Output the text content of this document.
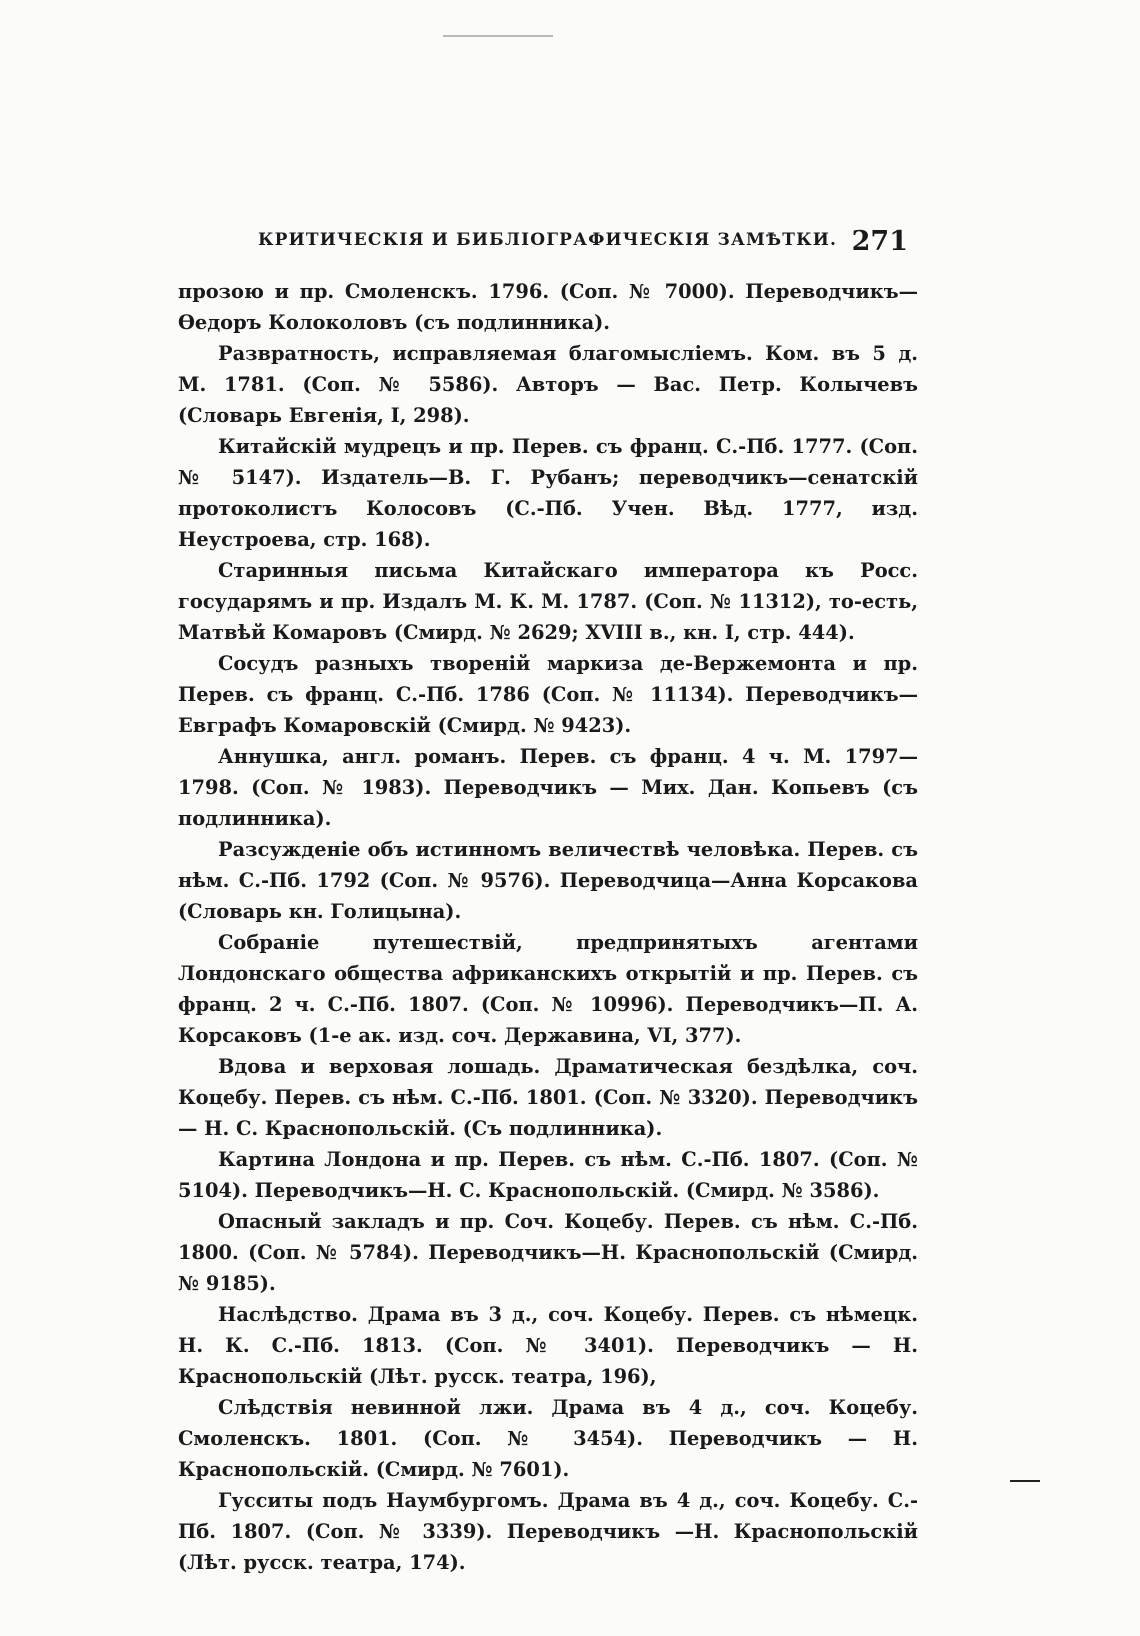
КРИТИЧЕСКІЯ И БИБЛІОГРАФИЧЕСКІЯ ЗАМѢТКИ. 271

прозою и пр. Смоленскъ. 1796. (Соп. № 7000). Переводчикъ—Ѳедоръ Колоколовъ (съ подлинника).

Развратность, исправляемая благомысліемъ. Ком. въ 5 д. М. 1781. (Соп. № 5586). Авторъ — Вас. Петр. Колычевъ (Словарь Евгенія, I, 298).

Китайскій мудрецъ и пр. Перев. съ франц. С.-Пб. 1777. (Соп. № 5147). Издатель—В. Г. Рубанъ; переводчикъ—сенатскій протоколистъ Колосовъ (С.-Пб. Учен. Вѣд. 1777, изд. Неустроева, стр. 168).

Старинныя письма Китайскаго императора къ Росс. государямъ и пр. Издалъ М. К. М. 1787. (Соп. № 11312), то-есть, Матвѣй Комаровъ (Смирд. № 2629; XVIII в., кн. I, стр. 444).

Сосудъ разныхъ твореній маркиза де-Вержемонта и пр. Перев. съ франц. С.-Пб. 1786 (Соп. № 11134). Переводчикъ—Евграфъ Комаровскій (Смирд. № 9423).

Аннушка, англ. романъ. Перев. съ франц. 4 ч. М. 1797—1798. (Соп. № 1983). Переводчикъ — Мих. Дан. Копьевъ (съ подлинника).

Разсужденіе объ истинномъ величествѣ человѣка. Перев. съ нѣм. С.-Пб. 1792 (Соп. № 9576). Переводчица—Анна Корсакова (Словарь кн. Голицына).

Собраніе путешествій, предпринятыхъ агентами Лондонскаго общества африканскихъ открытій и пр. Перев. съ франц. 2 ч. С.-Пб. 1807. (Соп. № 10996). Переводчикъ—П. А. Корсаковъ (1-е ак. изд. соч. Державина, VI, 377).

Вдова и верховая лошадь. Драматическая бездѣлка, соч. Коцебу. Перев. съ нѣм. С.-Пб. 1801. (Соп. № 3320). Переводчикъ — Н. С. Краснопольскій. (Съ подлинника).

Картина Лондона и пр. Перев. съ нѣм. С.-Пб. 1807. (Соп. № 5104). Переводчикъ—Н. С. Краснопольскій. (Смирд. № 3586).

Опасный закладъ и пр. Соч. Коцебу. Перев. съ нѣм. С.-Пб. 1800. (Соп. № 5784). Переводчикъ—Н. Краснопольскій (Смирд. № 9185).

Наслѣдство. Драма въ 3 д., соч. Коцебу. Перев. съ нѣмецк. Н. К. С.-Пб. 1813. (Соп. № 3401). Переводчикъ — Н. Краснопольскій (Лѣт. русск. театра, 196),

Слѣдствія невинной лжи. Драма въ 4 д., соч. Коцебу. Смоленскъ. 1801. (Соп. № 3454). Переводчикъ — Н. Краснопольскій. (Смирд. № 7601).

Гусситы подъ Наумбургомъ. Драма въ 4 д., соч. Коцебу. С.-Пб. 1807. (Соп. № 3339). Переводчикъ —Н. Краснопольскій (Лѣт. русск. театра, 174).
